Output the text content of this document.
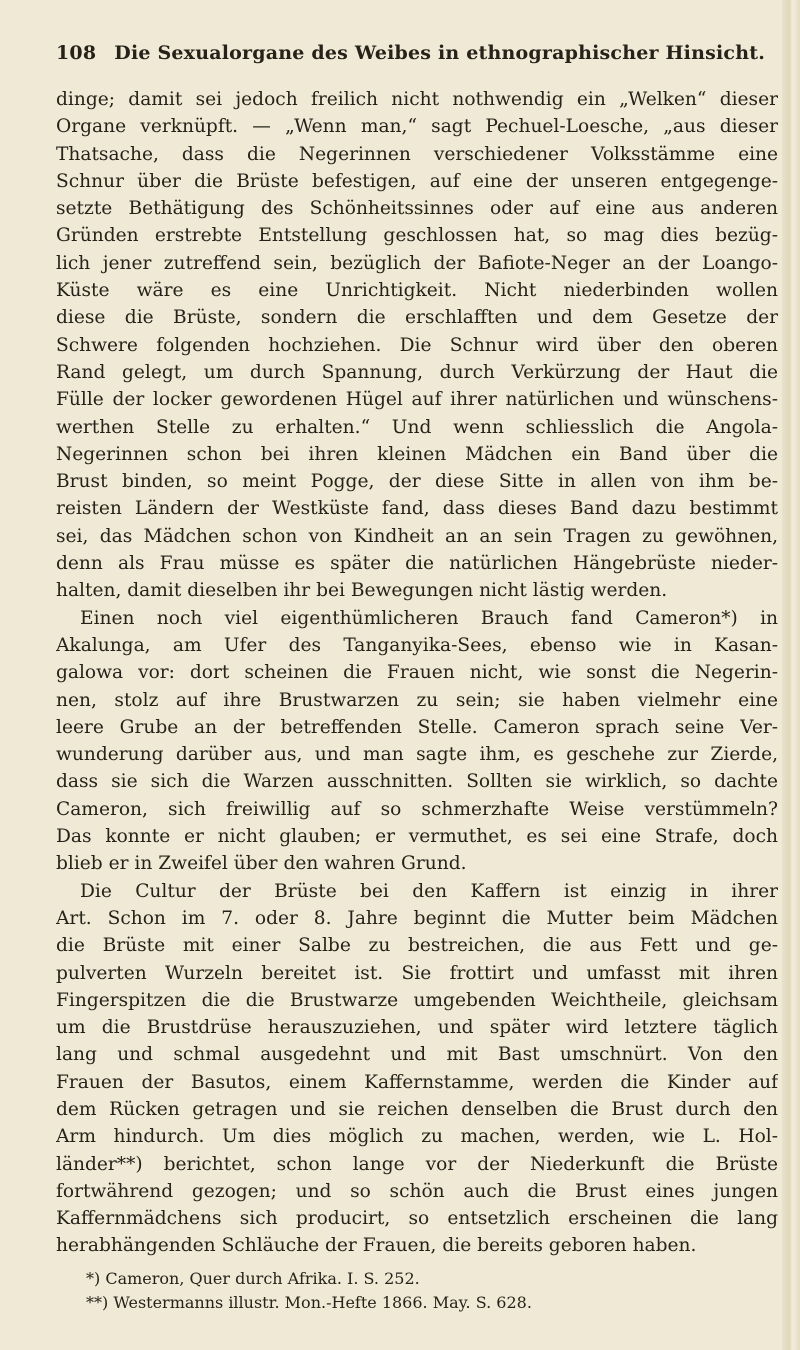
108 Die Sexualorgane des Weibes in ethnographischer Hinsicht.
dinge; damit sei jedoch freilich nicht nothwendig ein „Welken“ dieser
Organe verknüpft. — „Wenn man,“ sagt Pechuel-Loesche, „aus dieser
Thatsache, dass die Negerinnen verschiedener Volksstämme eine
Schnur über die Brüste befestigen, auf eine der unseren entgegenge-
setzte Bethätigung des Schönheitssinnes oder auf eine aus anderen
Gründen erstrebte Entstellung geschlossen hat, so mag dies bezüg-
lich jener zutreffend sein, bezüglich der Bafiote-Neger an der Loango-
Küste wäre es eine Unrichtigkeit. Nicht niederbinden wollen
diese die Brüste, sondern die erschlafften und dem Gesetze der
Schwere folgenden hochziehen. Die Schnur wird über den oberen
Rand gelegt, um durch Spannung, durch Verkürzung der Haut die
Fülle der locker gewordenen Hügel auf ihrer natürlichen und wünschens-
werthen Stelle zu erhalten.“ Und wenn schliesslich die Angola-
Negerinnen schon bei ihren kleinen Mädchen ein Band über die
Brust binden, so meint Pogge, der diese Sitte in allen von ihm be-
reisten Ländern der Westküste fand, dass dieses Band dazu bestimmt
sei, das Mädchen schon von Kindheit an an sein Tragen zu gewöhnen,
denn als Frau müsse es später die natürlichen Hängebrüste nieder-
halten, damit dieselben ihr bei Bewegungen nicht lästig werden.
Einen noch viel eigenthümlicheren Brauch fand Cameron*) in
Akalunga, am Ufer des Tanganyika-Sees, ebenso wie in Kasan-
galowa vor: dort scheinen die Frauen nicht, wie sonst die Negerin-
nen, stolz auf ihre Brustwarzen zu sein; sie haben vielmehr eine
leere Grube an der betreffenden Stelle. Cameron sprach seine Ver-
wunderung darüber aus, und man sagte ihm, es geschehe zur Zierde,
dass sie sich die Warzen ausschnitten. Sollten sie wirklich, so dachte
Cameron, sich freiwillig auf so schmerzhafte Weise verstümmeln?
Das konnte er nicht glauben; er vermuthet, es sei eine Strafe, doch
blieb er in Zweifel über den wahren Grund.
Die Cultur der Brüste bei den Kaffern ist einzig in ihrer
Art. Schon im 7. oder 8. Jahre beginnt die Mutter beim Mädchen
die Brüste mit einer Salbe zu bestreichen, die aus Fett und ge-
pulverten Wurzeln bereitet ist. Sie frottirt und umfasst mit ihren
Fingerspitzen die die Brustwarze umgebenden Weichtheile, gleichsam
um die Brustdrüse herauszuziehen, und später wird letztere täglich
lang und schmal ausgedehnt und mit Bast umschnürt. Von den
Frauen der Basutos, einem Kaffernstamme, werden die Kinder auf
dem Rücken getragen und sie reichen denselben die Brust durch den
Arm hindurch. Um dies möglich zu machen, werden, wie L. Hol-
länder**) berichtet, schon lange vor der Niederkunft die Brüste
fortwährend gezogen; und so schön auch die Brust eines jungen
Kaffernmädchens sich producirt, so entsetzlich erscheinen die lang
herabhängenden Schläuche der Frauen, die bereits geboren haben.
*) Cameron, Quer durch Afrika. I. S. 252.
**) Westermanns illustr. Mon.-Hefte 1866. May. S. 628.
